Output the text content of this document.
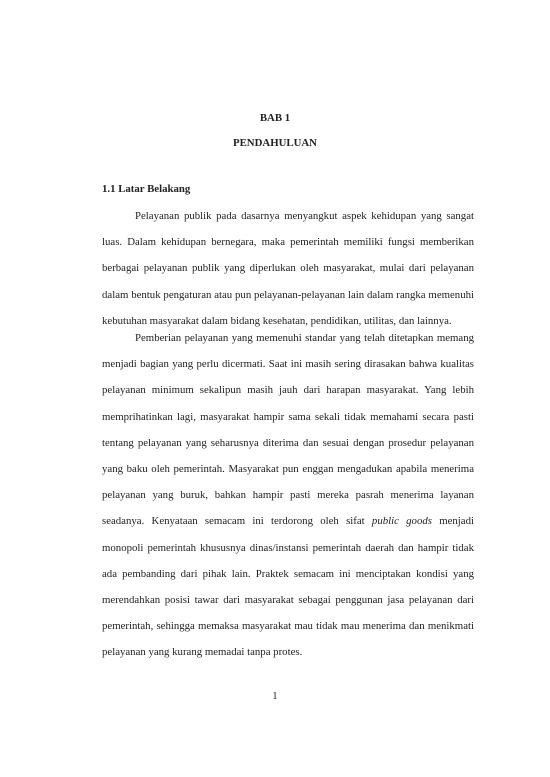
BAB 1
PENDAHULUAN
1.1 Latar Belakang
Pelayanan publik pada dasarnya menyangkut aspek kehidupan yang sangat
luas. Dalam kehidupan bernegara, maka pemerintah memiliki fungsi memberikan
berbagai pelayanan publik yang diperlukan oleh masyarakat, mulai dari pelayanan
dalam bentuk pengaturan atau pun pelayanan-pelayanan lain dalam rangka memenuhi
kebutuhan masyarakat dalam bidang kesehatan, pendidikan, utilitas, dan lainnya.
Pemberian pelayanan yang memenuhi standar yang telah ditetapkan memang
menjadi bagian yang perlu dicermati. Saat ini masih sering dirasakan bahwa kualitas
pelayanan minimum sekalipun masih jauh dari harapan masyarakat. Yang lebih
memprihatinkan lagi, masyarakat hampir sama sekali tidak memahami secara pasti
tentang pelayanan yang seharusnya diterima dan sesuai dengan prosedur pelayanan
yang baku oleh pemerintah. Masyarakat pun enggan mengadukan apabila menerima
pelayanan yang buruk, bahkan hampir pasti mereka pasrah menerima layanan
seadanya. Kenyataan semacam ini terdorong oleh sifat public goods menjadi
monopoli pemerintah khususnya dinas/instansi pemerintah daerah dan hampir tidak
ada pembanding dari pihak lain. Praktek semacam ini menciptakan kondisi yang
merendahkan posisi tawar dari masyarakat sebagai penggunan jasa pelayanan dari
pemerintah, sehingga memaksa masyarakat mau tidak mau menerima dan menikmati
pelayanan yang kurang memadai tanpa protes.
1
